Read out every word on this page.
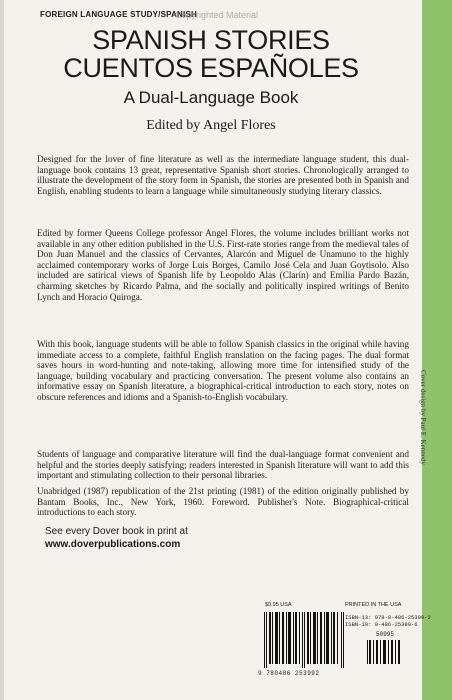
FOREIGN LANGUAGE STUDY/SPANISH
Copyrighted Material
SPANISH STORIES
CUENTOS ESPAÑOLES
A Dual-Language Book
Edited by Angel Flores

Designed for the lover of fine literature as well as the intermediate language student, this dual-language book contains 13 great, representative Spanish short stories. Chronologically arranged to illustrate the development of the story form in Spanish, the stories are presented both in Spanish and English, enabling students to learn a language while simultaneously studying literary classics.

Edited by former Queens College professor Angel Flores, the volume includes brilliant works not available in any other edition published in the U.S. First-rate stories range from the medieval tales of Don Juan Manuel and the classics of Cervantes, Alarcón and Miguel de Unamuno to the highly acclaimed contemporary works of Jorge Luis Borges, Camilo José Cela and Juan Goytisolo. Also included are satirical views of Spanish life by Leopoldo Alas (Clarín) and Emilia Pardo Bazán, charming sketches by Ricardo Palma, and the socially and politically inspired writings of Benito Lynch and Horacio Quiroga.

With this book, language students will be able to follow Spanish classics in the original while having immediate access to a complete, faithful English translation on the facing pages. The dual format saves hours in word-hunting and note-taking, allowing more time for intensified study of the language, building vocabulary and practicing conversation. The present volume also contains an informative essay on Spanish literature, a biographical-critical introduction to each story, notes on obscure references and idioms and a Spanish-to-English vocabulary.

Students of language and comparative literature will find the dual-language format convenient and helpful and the stories deeply satisfying; readers interested in Spanish literature will want to add this important and stimulating collection to their personal libraries.

Unabridged (1987) republication of the 21st printing (1981) of the edition originally published by Bantam Books, Inc., New York, 1960. Foreword. Publisher's Note. Biographical-critical introductions to each story.

See every Dover book in print at
www.doverpublications.com
Cover design by Paul E. Kennedy
$9.95 USA	PRINTED IN THE USA
ISBN-13: 978-0-486-25399-2
ISBN-10: 0-486-25399-6
50995
9 780486 253992
